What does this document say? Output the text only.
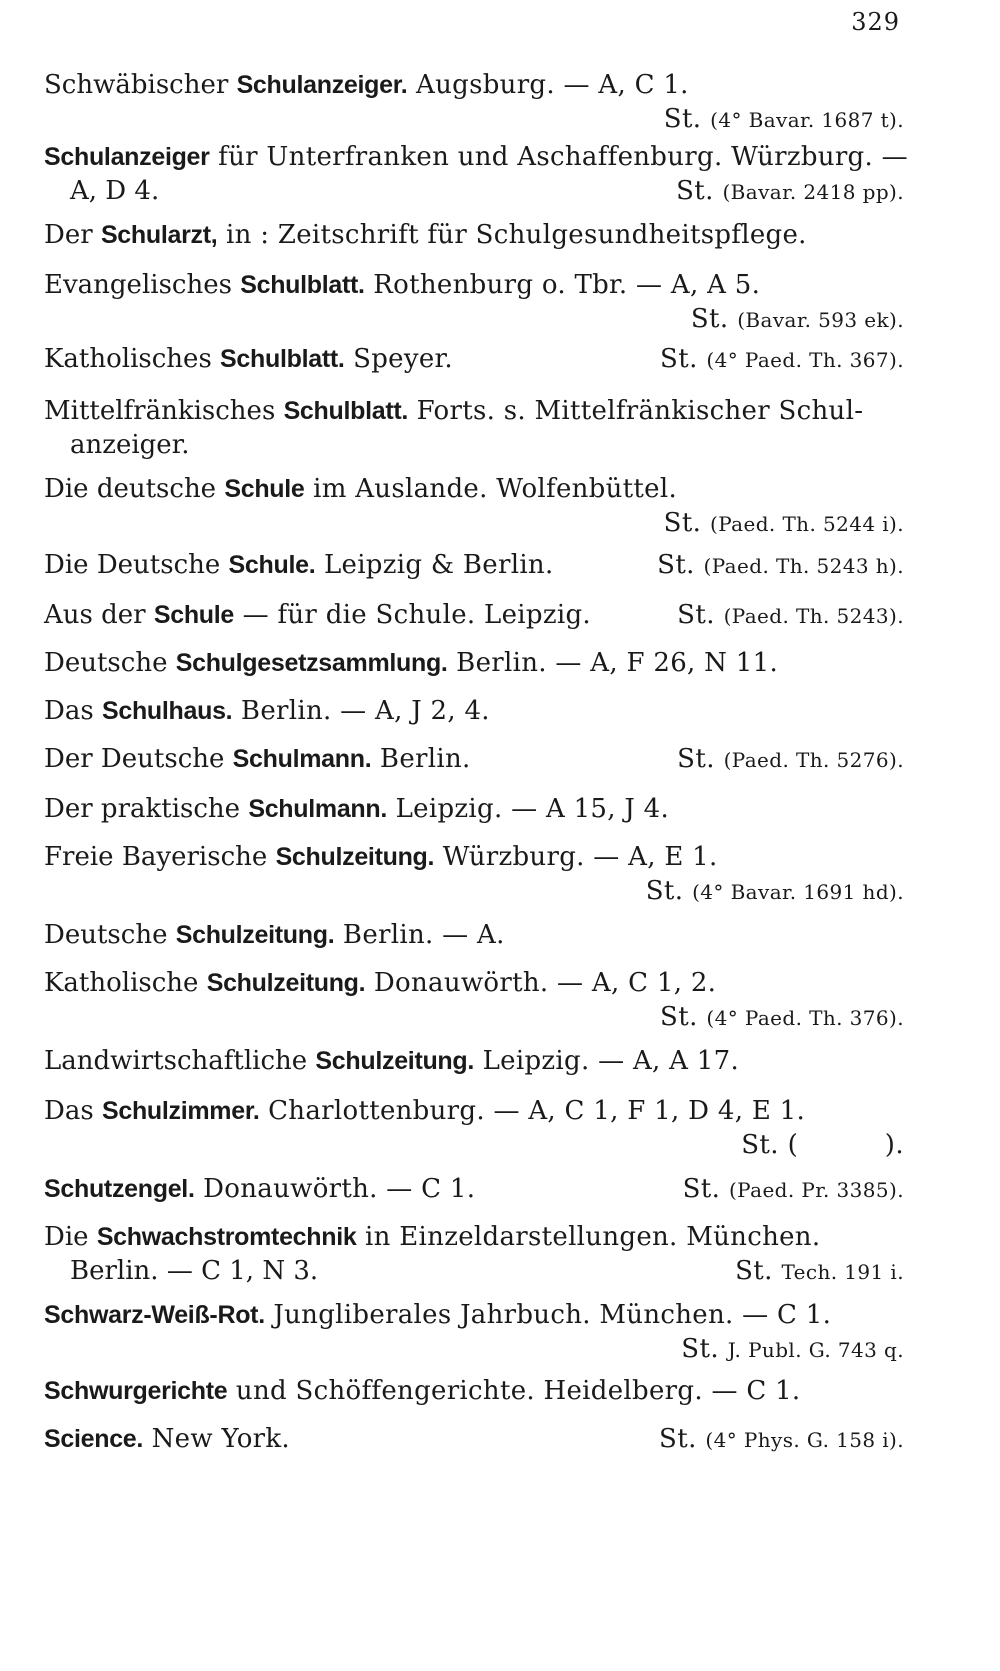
329
Schwäbischer Schulanzeiger. Augsburg. — A, C 1.
St. (4° Bavar. 1687 t).
Schulanzeiger für Unterfranken und Aschaffenburg. Würzburg. —
A, D 4.	St. (Bavar. 2418 pp).
Der Schularzt, in : Zeitschrift für Schulgesundheitspflege.
Evangelisches Schulblatt. Rothenburg o. Tbr. — A, A 5.
St. (Bavar. 593 ek).
Katholisches Schulblatt. Speyer.	St. (4° Paed. Th. 367).
Mittelfränkisches Schulblatt. Forts. s. Mittelfränkischer Schul-
anzeiger.
Die deutsche Schule im Auslande. Wolfenbüttel.
St. (Paed. Th. 5244 i).
Die Deutsche Schule. Leipzig & Berlin.	St. (Paed. Th. 5243 h).
Aus der Schule — für die Schule. Leipzig.	St. (Paed. Th. 5243).
Deutsche Schulgesetzsammlung. Berlin. — A, F 26, N 11.
Das Schulhaus. Berlin. — A, J 2, 4.
Der Deutsche Schulmann. Berlin.	St. (Paed. Th. 5276).
Der praktische Schulmann. Leipzig. — A 15, J 4.
Freie Bayerische Schulzeitung. Würzburg. — A, E 1.
St. (4° Bavar. 1691 hd).
Deutsche Schulzeitung. Berlin. — A.
Katholische Schulzeitung. Donauwörth. — A, C 1, 2.
St. (4° Paed. Th. 376).
Landwirtschaftliche Schulzeitung. Leipzig. — A, A 17.
Das Schulzimmer. Charlottenburg. — A, C 1, F 1, D 4, E 1.
St. (          ).
Schutzengel. Donauwörth. — C 1.	St. (Paed. Pr. 3385).
Die Schwachstromtechnik in Einzeldarstellungen. München.
Berlin. — C 1, N 3.	St. Tech. 191 i.
Schwarz-Weiß-Rot. Jungliberales Jahrbuch. München. — C 1.
St. J. Publ. G. 743 q.
Schwurgerichte und Schöffengerichte. Heidelberg. — C 1.
Science. New York.	St. (4° Phys. G. 158 i).
